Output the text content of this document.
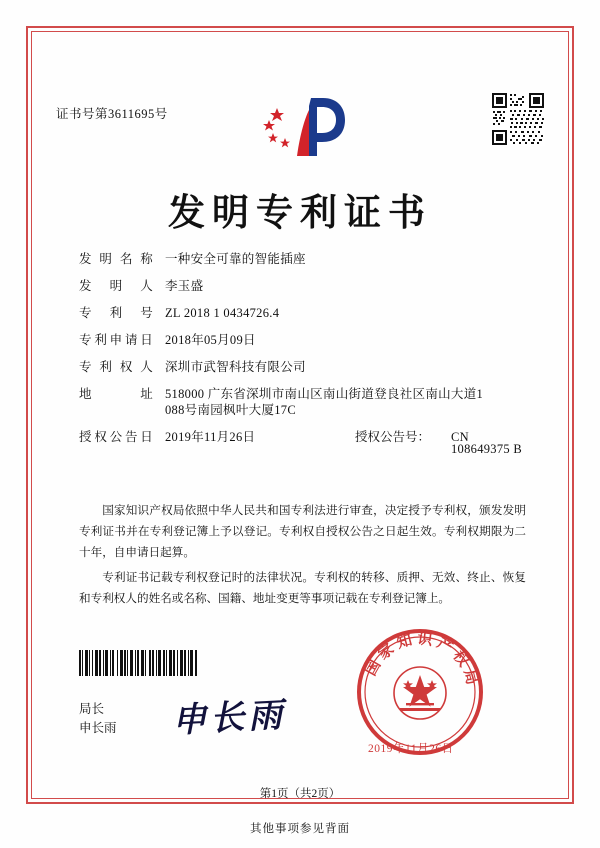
证书号第3611695号
发明专利证书
发明名称 一种安全可靠的智能插座
发明人 李玉盛
专利号 ZL 2018 1 0434726.4
专利申请日 2018年05月09日
专利权人 深圳市武智科技有限公司
地址 518000 广东省深圳市南山区南山街道登良社区南山大道1
088号南园枫叶大厦17C
授权公告日 2019年11月26日	授权公告号：	CN 108649375 B

国家知识产权局依照中华人民共和国专利法进行审查，决定授予专利权，颁发发明专利证书并在专利登记簿上予以登记。专利权自授权公告之日起生效。专利权期限为二十年，自申请日起算。

专利证书记载专利权登记时的法律状况。专利权的转移、质押、无效、终止、恢复和专利权人的姓名或名称、国籍、地址变更等事项记载在专利登记簿上。

局长
申长雨 申长雨
国家知识产权局
2019年11月26日
第1页（共2页）
其他事项参见背面
